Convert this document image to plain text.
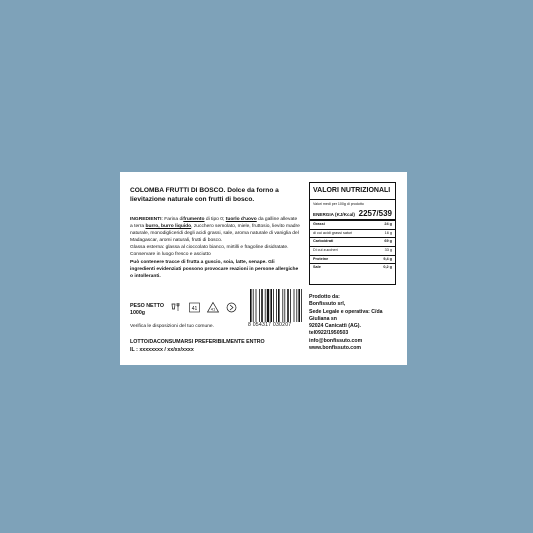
COLOMBA FRUTTI DI BOSCO. Dolce da forno a lievitazione naturale con frutti di bosco.
INGREDIENTI: Farina difrumento di tipo 0; tuorlo d'uovo da galline allevate a terra burro, burro liquido, zucchero semolato, miele, fruttosio, lievito madre naturale, monodigliceridi degli acidi grassi, sale, aroma naturale di vaniglia del Madagascar, aromi naturali, frutti di bosco.
Glassa esterna: glassa al cioccolato bianco, mirtilli e fragoline disidratate.
Conservare in luogo fresco e asciutto
Può contenere tracce di frutta a guscio, soia, latte, senape. Gli ingredienti evidenziati possono provocare reazioni in persone allergiche o intolleranti.
VALORI NUTRIZIONALI
Valori medi per 100g di prodotto
ENERGIA (KJ/Kcal) 2257/539
Grassi	24 g
di cui acidi grassi saturi	16 g
Carboidrati	69 g
Di cui zuccheri	33 g
Proteine	9,4 g
Sale	0,2 g
PESO NETTO
1000g
41	41
Verifica le disposizioni del tuo comune.	8 054317 030207
Prodotto da:
Bonfissuto srl,
Sede Legale e operativa: C/da Giuliana sn
92024 Canicattì (AG).
tel0922/1950503
info@bonfissuto.com
www.bonfissuto.com
LOTTO/DACONSUMARSI PREFERIBILMENTE ENTRO
IL : xxxxxxxx / xx/xx/xxxx
